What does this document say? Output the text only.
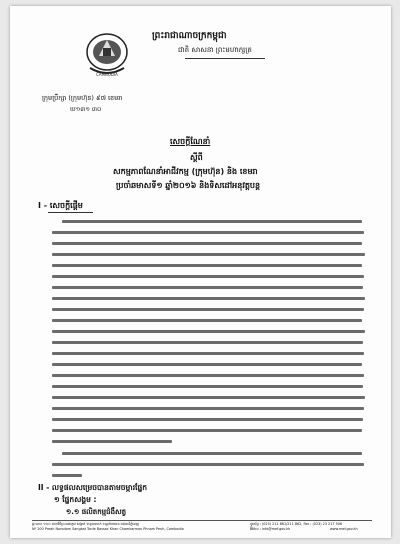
CAMBODIA
ព្រះរាជាណាចក្រកម្ពុជា
ជាតិ សាសនា ព្រះមហាក្សត្រ
ក្រុមប្រឹក្សា (ក្រុមហ៊ុន) ៩៧ ខេមរា
ឃ១៣១ ៣០
សេចក្តីណែនាំ
ស្តីពី
សកម្មភាពណែនាំអាជីវកម្ម (ក្រុមហ៊ុន) និង ខេមរា
ប្រចាំឆមាសទី១ ឆ្នាំ២០១៦ និងទិសដៅអនុវត្តបន្ត
I - សេចក្តីផ្តើម
II - លទ្ធផលសម្រេចបានតាមចម្ការផ្នែក
១ ផ្នែកសង្គម :
១.១ ផលិតកម្មជំងឺសត្វ
ផ្ទះលេខ ១០០ មហាវិថីព្រះនរោត្តម សង្កាត់ ទន្លេបាសាក់ ខណ្ឌចំការមន រាជធានីភ្នំពេញ
Nº 200 Preah Norodom Sangkat Tonle Bassac Khan Chamkarmon Phnom Penh, Cambodia
ទូរស័ព្ទ : (023) 211 861/211 862, Fax : (023) 23 217 506
អ៊ីម៉ែល : info@mef.gov.kh	www.mef.gov.kh
